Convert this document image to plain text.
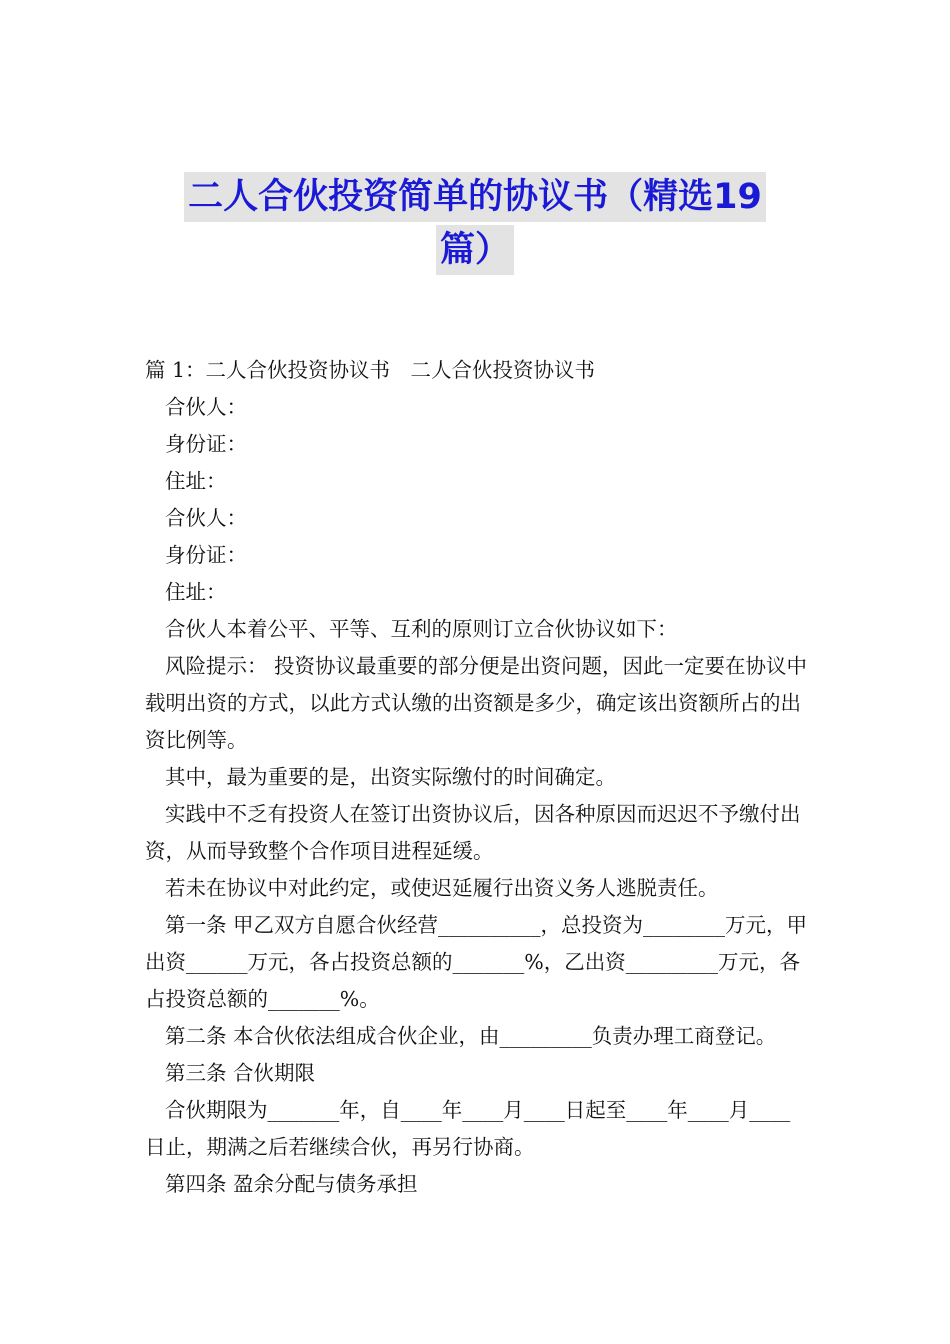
二人合伙投资简单的协议书（精选19
篇）

篇 1：二人合伙投资协议书　二人合伙投资协议书

合伙人：

身份证：

住址：

合伙人：

身份证：

住址：

合伙人本着公平、平等、互利的原则订立合伙协议如下：

风险提示： 投资协议最重要的部分便是出资问题，因此一定要在协议中载明出资的方式，以此方式认缴的出资额是多少，确定该出资额所占的出资比例等。

其中，最为重要的是，出资实际缴付的时间确定。

实践中不乏有投资人在签订出资协议后，因各种原因而迟迟不予缴付出资，从而导致整个合作项目进程延缓。

若未在协议中对此约定，或使迟延履行出资义务人逃脱责任。

第一条 甲乙双方自愿合伙经营__________，总投资为________万元，甲出资______万元，各占投资总额的_______%，乙出资_________万元，各占投资总额的_______%。

第二条 本合伙依法组成合伙企业，由_________负责办理工商登记。

第三条 合伙期限

合伙期限为_______年，自____年____月____日起至____年____月____日止，期满之后若继续合伙，再另行协商。

第四条 盈余分配与债务承担
